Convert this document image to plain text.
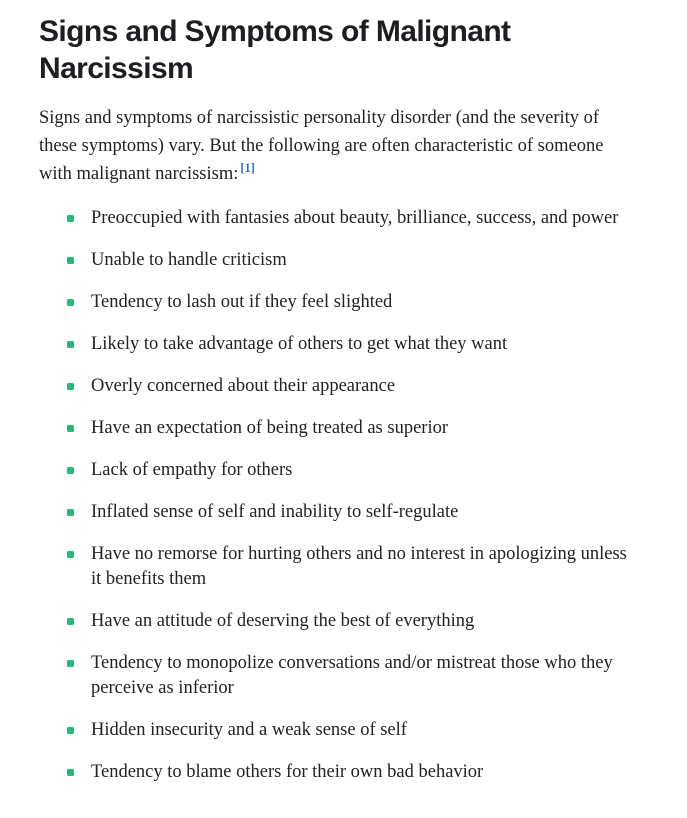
Signs and Symptoms of Malignant Narcissism

Signs and symptoms of narcissistic personality disorder (and the severity of these symptoms) vary. But the following are often characteristic of someone with malignant narcissism: [1]

Preoccupied with fantasies about beauty, brilliance, success, and power
Unable to handle criticism
Tendency to lash out if they feel slighted
Likely to take advantage of others to get what they want
Overly concerned about their appearance
Have an expectation of being treated as superior
Lack of empathy for others
Inflated sense of self and inability to self-regulate
Have no remorse for hurting others and no interest in apologizing unless it benefits them
Have an attitude of deserving the best of everything
Tendency to monopolize conversations and/or mistreat those who they perceive as inferior
Hidden insecurity and a weak sense of self
Tendency to blame others for their own bad behavior
